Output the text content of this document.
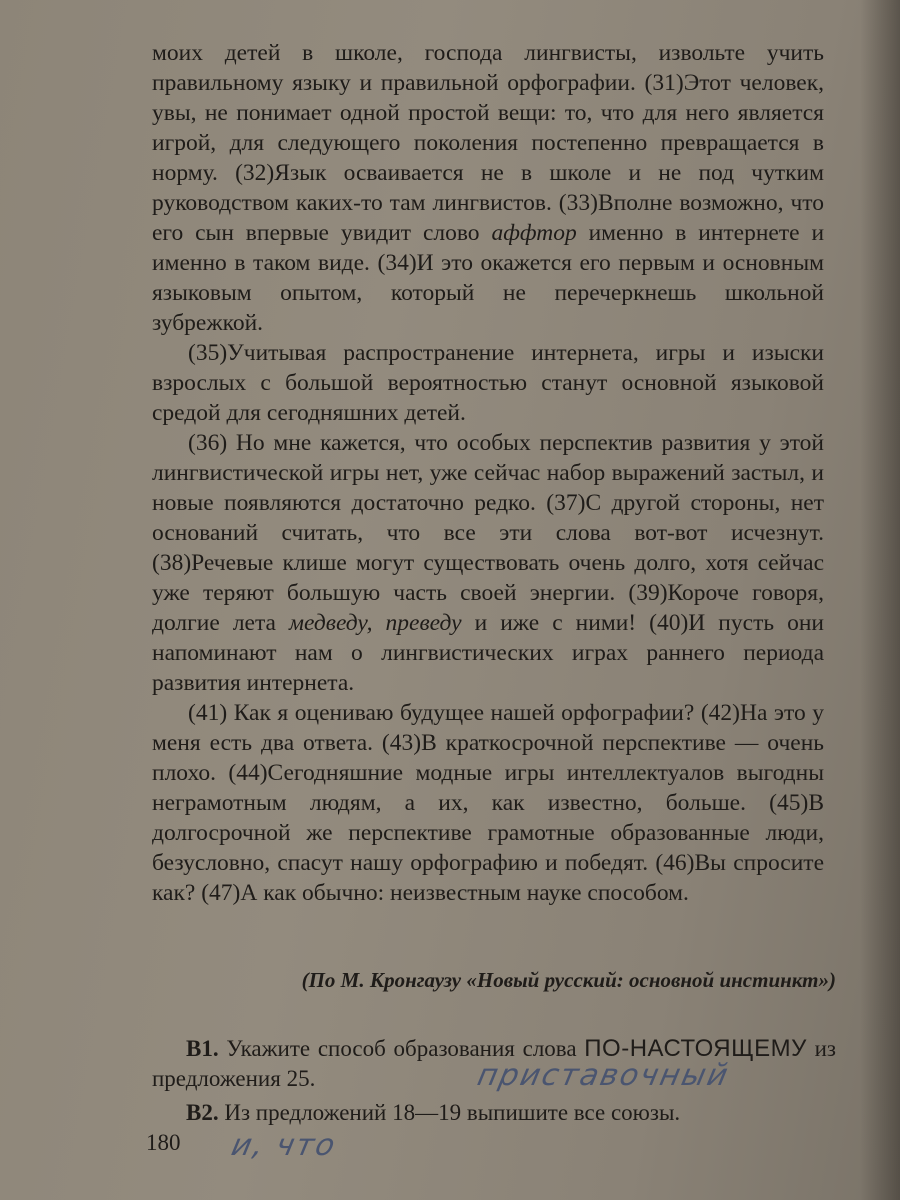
моих детей в школе, господа лингвисты, извольте учить правильному языку и правильной орфографии. (31)Этот человек, увы, не понимает одной простой вещи: то, что для него является игрой, для следующего поколения постепенно превращается в норму. (32)Язык осваивается не в школе и не под чутким руководством каких-то там лингвистов. (33)Вполне возможно, что его сын впервые увидит слово аффтор именно в интернете и именно в таком виде. (34)И это окажется его первым и основным языковым опытом, который не перечеркнешь школьной зубрежкой.

(35)Учитывая распространение интернета, игры и изыски взрослых с большой вероятностью станут основной языковой средой для сегодняшних детей.

(36) Но мне кажется, что особых перспектив развития у этой лингвистической игры нет, уже сейчас набор выражений застыл, и новые появляются достаточно редко. (37)С другой стороны, нет оснований считать, что все эти слова вот-вот исчезнут. (38)Речевые клише могут существовать очень долго, хотя сейчас уже теряют большую часть своей энергии. (39)Короче говоря, долгие лета медведу, преведу и иже с ними! (40)И пусть они напоминают нам о лингвистических играх раннего периода развития интернета.

(41) Как я оцениваю будущее нашей орфографии? (42)На это у меня есть два ответа. (43)В краткосрочной перспективе — очень плохо. (44)Сегодняшние модные игры интеллектуалов выгодны неграмотным людям, а их, как известно, больше. (45)В долгосрочной же перспективе грамотные образованные люди, безусловно, спасут нашу орфографию и победят. (46)Вы спросите как? (47)А как обычно: неизвестным науке способом.

(По М. Кронгаузу «Новый русский: основной инстинкт»)
B1. Укажите способ образования слова ПО-НАСТОЯЩЕМУ из предложения 25.	приставочный
B2. Из предложений 18—19 выпишите все союзы.
180 и, что
